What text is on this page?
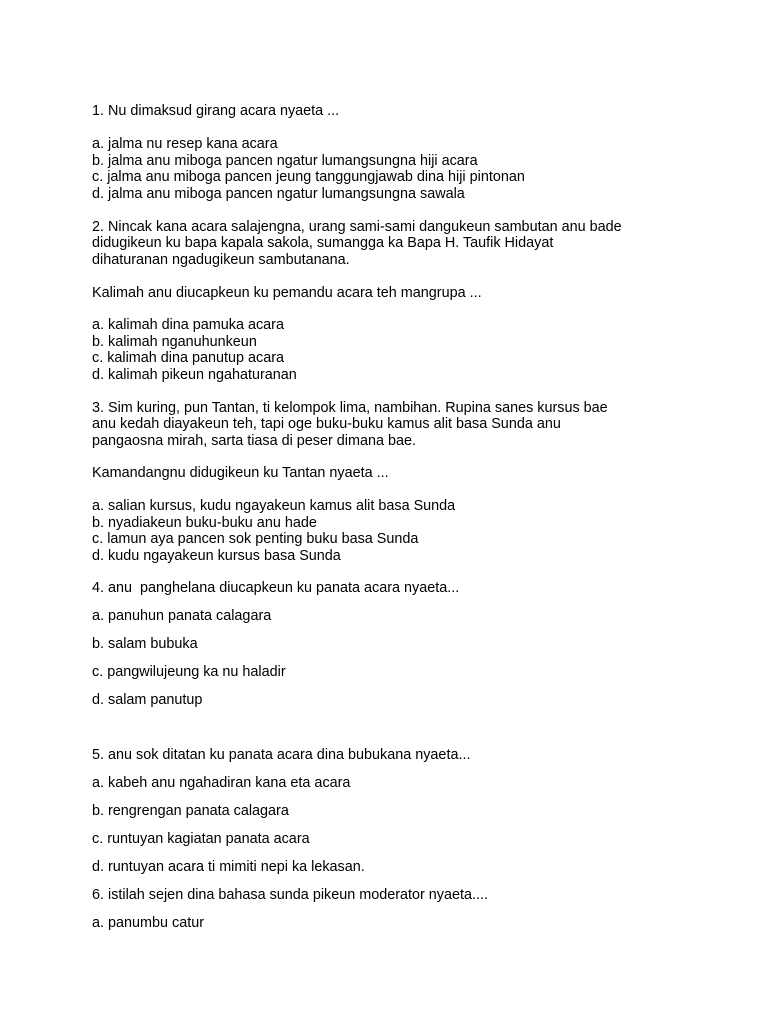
1. Nu dimaksud girang acara nyaeta ...
a. jalma nu resep kana acara
b. jalma anu miboga pancen ngatur lumangsungna hiji acara
c. jalma anu miboga pancen jeung tanggungjawab dina hiji pintonan
d. jalma anu miboga pancen ngatur lumangsungna sawala
2. Nincak kana acara salajengna, urang sami-sami dangukeun sambutan anu bade
didugikeun ku bapa kapala sakola, sumangga ka Bapa H. Taufik Hidayat
dihaturanan ngadugikeun sambutanana.
Kalimah anu diucapkeun ku pemandu acara teh mangrupa ...
a. kalimah dina pamuka acara
b. kalimah nganuhunkeun
c. kalimah dina panutup acara
d. kalimah pikeun ngahaturanan
3. Sim kuring, pun Tantan, ti kelompok lima, nambihan. Rupina sanes kursus bae
anu kedah diayakeun teh, tapi oge buku-buku kamus alit basa Sunda anu
pangaosna mirah, sarta tiasa di peser dimana bae.
Kamandangnu didugikeun ku Tantan nyaeta ...
a. salian kursus, kudu ngayakeun kamus alit basa Sunda
b. nyadiakeun buku-buku anu hade
c. lamun aya pancen sok penting buku basa Sunda
d. kudu ngayakeun kursus basa Sunda
4. anu  panghelana diucapkeun ku panata acara nyaeta...
a. panuhun panata calagara
b. salam bubuka
c. pangwilujeung ka nu haladir
d. salam panutup
5. anu sok ditatan ku panata acara dina bubukana nyaeta...
a. kabeh anu ngahadiran kana eta acara
b. rengrengan panata calagara
c. runtuyan kagiatan panata acara
d. runtuyan acara ti mimiti nepi ka lekasan.
6. istilah sejen dina bahasa sunda pikeun moderator nyaeta....
a. panumbu catur
